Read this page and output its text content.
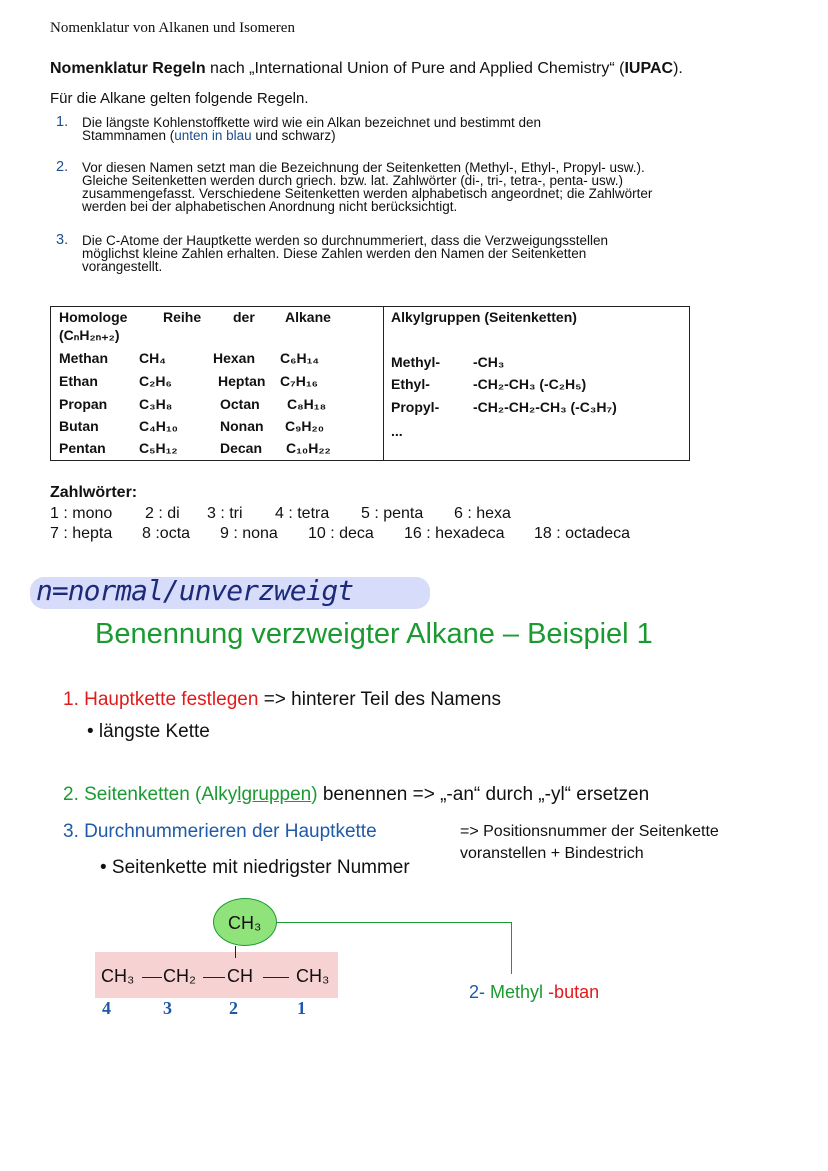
Nomenklatur von Alkanen und Isomeren
Nomenklatur Regeln nach „International Union of Pure and Applied Chemistry“ (IUPAC).
Für die Alkane gelten folgende Regeln.
1. Die längste Kohlenstoffkette wird wie ein Alkan bezeichnet und bestimmt den
Stammnamen (unten in blau und schwarz)
2. Vor diesen Namen setzt man die Bezeichnung der Seitenketten (Methyl-, Ethyl-, Propyl- usw.).
Gleiche Seitenketten werden durch griech. bzw. lat. Zahlwörter (di-, tri-, tetra-, penta- usw.)
zusammengefasst. Verschiedene Seitenketten werden alphabetisch angeordnet; die Zahlwörter
werden bei der alphabetischen Anordnung nicht berücksichtigt.
3. Die C-Atome der Hauptkette werden so durchnummeriert, dass die Verzweigungsstellen
möglichst kleine Zahlen erhalten. Diese Zahlen werden den Namen der Seitenketten
vorangestellt.
Homologe	Reihe der Alkane
(CₙH₂ₙ₊₂)
Alkylgruppen (Seitenketten)
Methan CH₄	Hexan C₆H₁₄
Ethan	C₂H₆	Heptan C₇H₁₆
Propan C₃H₈	Octan C₈H₁₈
Butan	C₄H₁₀	Nonan C₉H₂₀
Pentan C₅H₁₂	Decan C₁₀H₂₂
Methyl- -CH₃
Ethyl-	-CH₂-CH₃ (-C₂H₅)
Propyl- -CH₂-CH₂-CH₃ (-C₃H₇)
...
Zahlwörter:
1 : mono 2 : di 3 : tri 4 : tetra 5 : penta 6 : hexa
7 : hepta 8 :octa 9 : nona 10 : deca 16 : hexadeca 18 : octadeca
n=normal/unverzweigt
Benennung verzweigter Alkane – Beispiel 1
1. Hauptkette festlegen => hinterer Teil des Namens
• längste Kette
2. Seitenketten (Alkylgruppen) benennen => „-an“ durch „-yl“ ersetzen
3. Durchnummerieren der Hauptkette	=> Positionsnummer der Seitenkette
voranstellen + Bindestrich
• Seitenkette mit niedrigster Nummer
CH₃
CH₃ CH₂ CH CH₃
4	3	2	1
2- Methyl -butan
